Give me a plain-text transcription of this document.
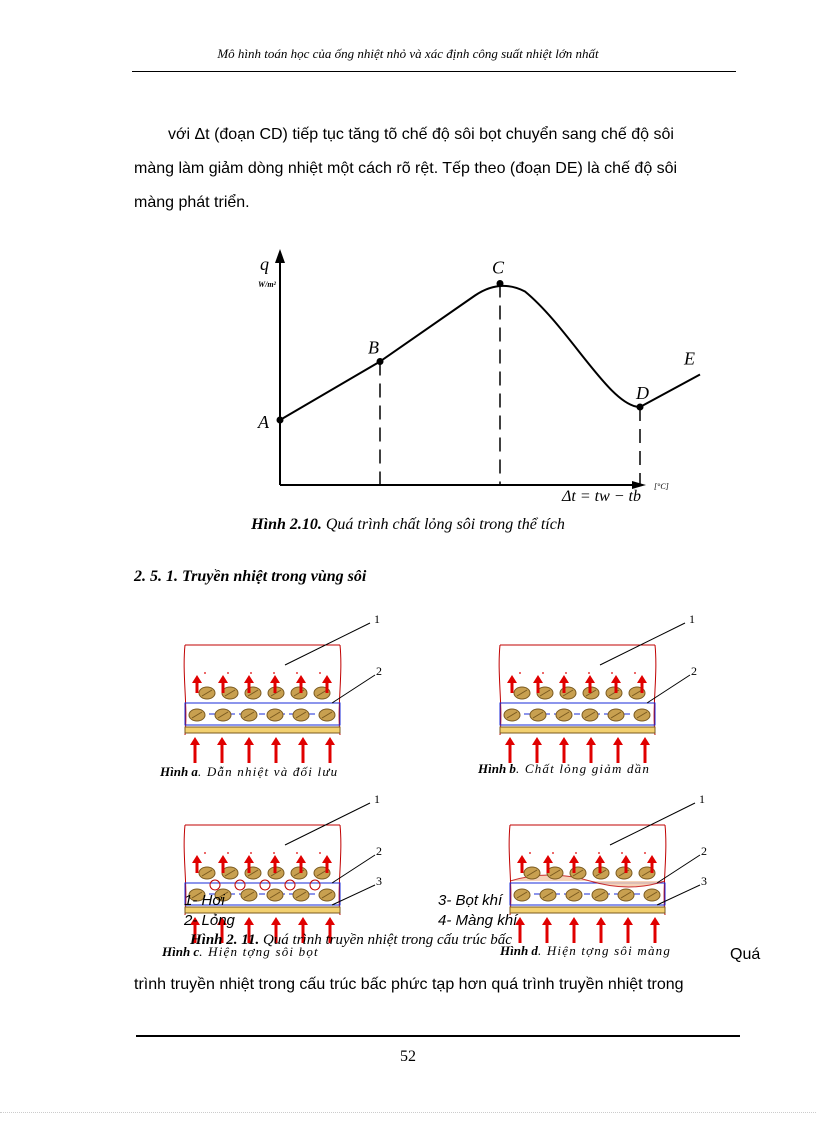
Mô hình toán học của ống nhiệt nhỏ và xác định công suất nhiệt lớn nhất
với Δt (đoạn CD) tiếp tục tăng tõ chế độ sôi bọt chuyển sang chế độ sôi
màng làm giảm dòng nhiệt một cách rõ rệt. Tếp theo (đoạn DE) là chế độ sôi
màng phát triển.
q
W/m²
Δt = tw − tb
[°C]
A
B
C
D
E
Hình 2.10. Quá trình chất lỏng sôi trong thể tích
2. 5. 1. Truyền nhiệt trong vùng sôi
1
2
1
2
1
2
3
1
2
3
Hình a. Dẫn nhiệt và đối lưu	Hình b. Chất lỏng giảm dần
1- Hơi
2- Lỏng
3- Bọt khí
4- Màng khí
Hình 2. 11. Quá trình truyền nhiệt trong cấu trúc bấc
Hình c. Hiện tợng sôi bọt	Hình d. Hiện tợng sôi màng	Quá
trình truyền nhiệt trong cấu trúc bấc phức tạp hơn quá trình truyền nhiệt trong
52
